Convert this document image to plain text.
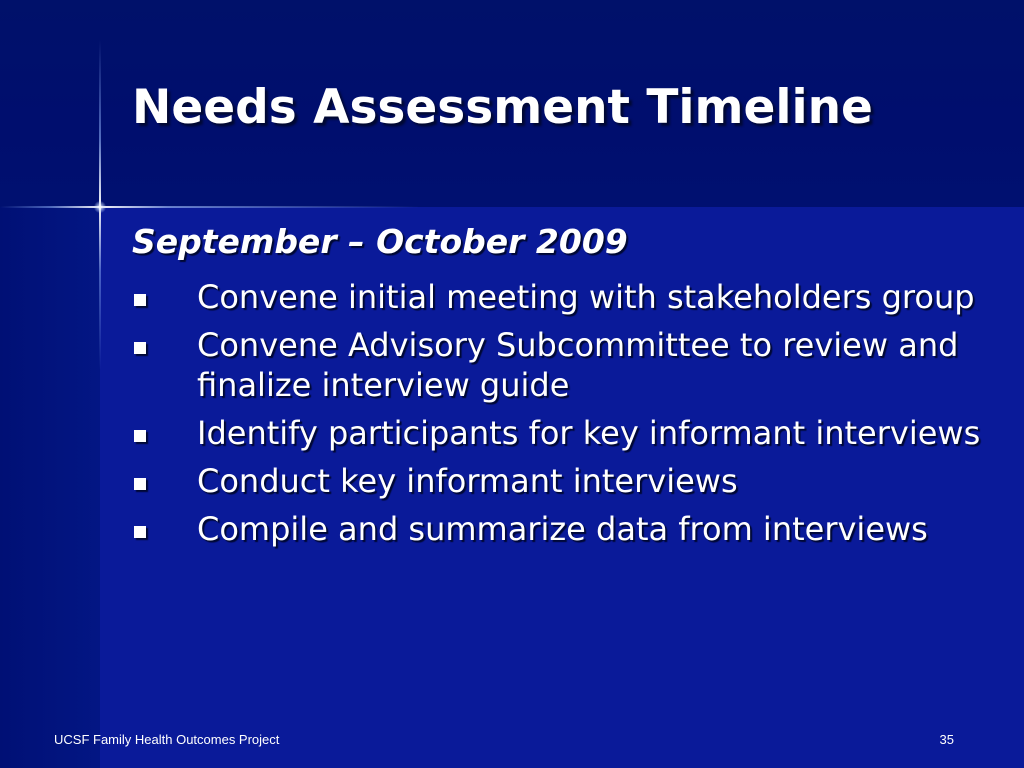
Needs Assessment Timeline
September – October 2009
Convene initial meeting with stakeholders group
Convene Advisory Subcommittee to review and finalize interview guide
Identify participants for key informant interviews
Conduct key informant interviews
Compile and summarize data from interviews
UCSF Family Health Outcomes Project	35
